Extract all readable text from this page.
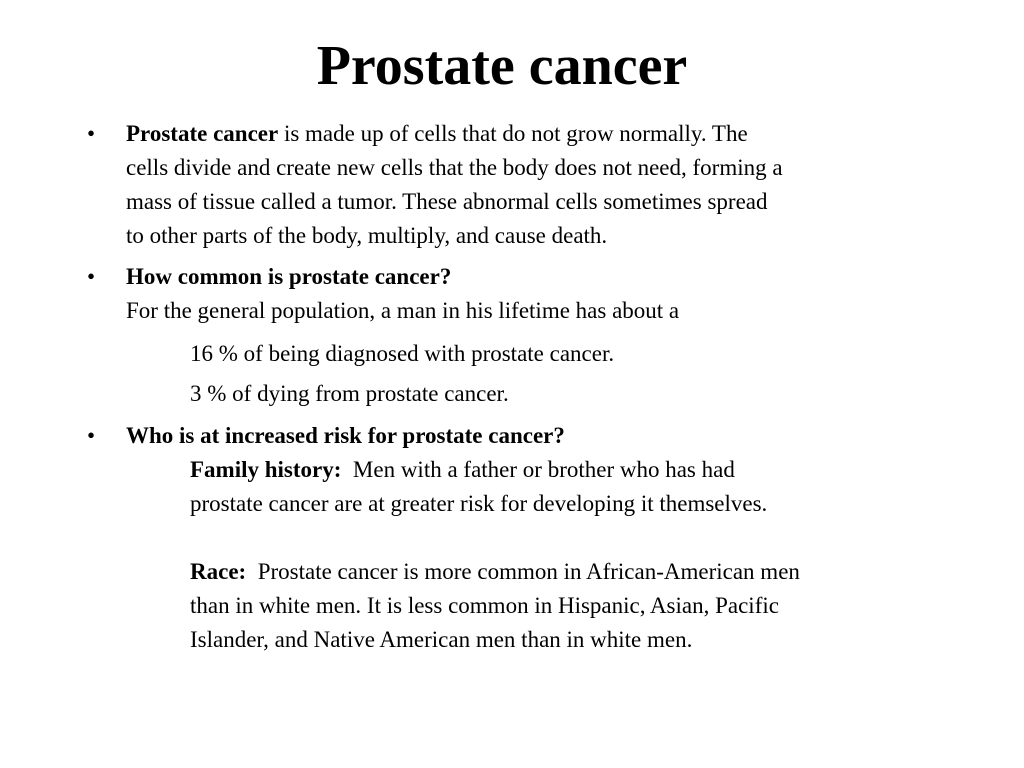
Prostate cancer
• Prostate cancer is made up of cells that do not grow normally. The
cells divide and create new cells that the body does not need, forming a
mass of tissue called a tumor. These abnormal cells sometimes spread
to other parts of the body, multiply, and cause death.
• How common is prostate cancer?
For the general population, a man in his lifetime has about a
16 % of being diagnosed with prostate cancer.
3 % of dying from prostate cancer.
• Who is at increased risk for prostate cancer?
Family history:  Men with a father or brother who has had
prostate cancer are at greater risk for developing it themselves.
Race:  Prostate cancer is more common in African-American men
than in white men. It is less common in Hispanic, Asian, Pacific
Islander, and Native American men than in white men.
